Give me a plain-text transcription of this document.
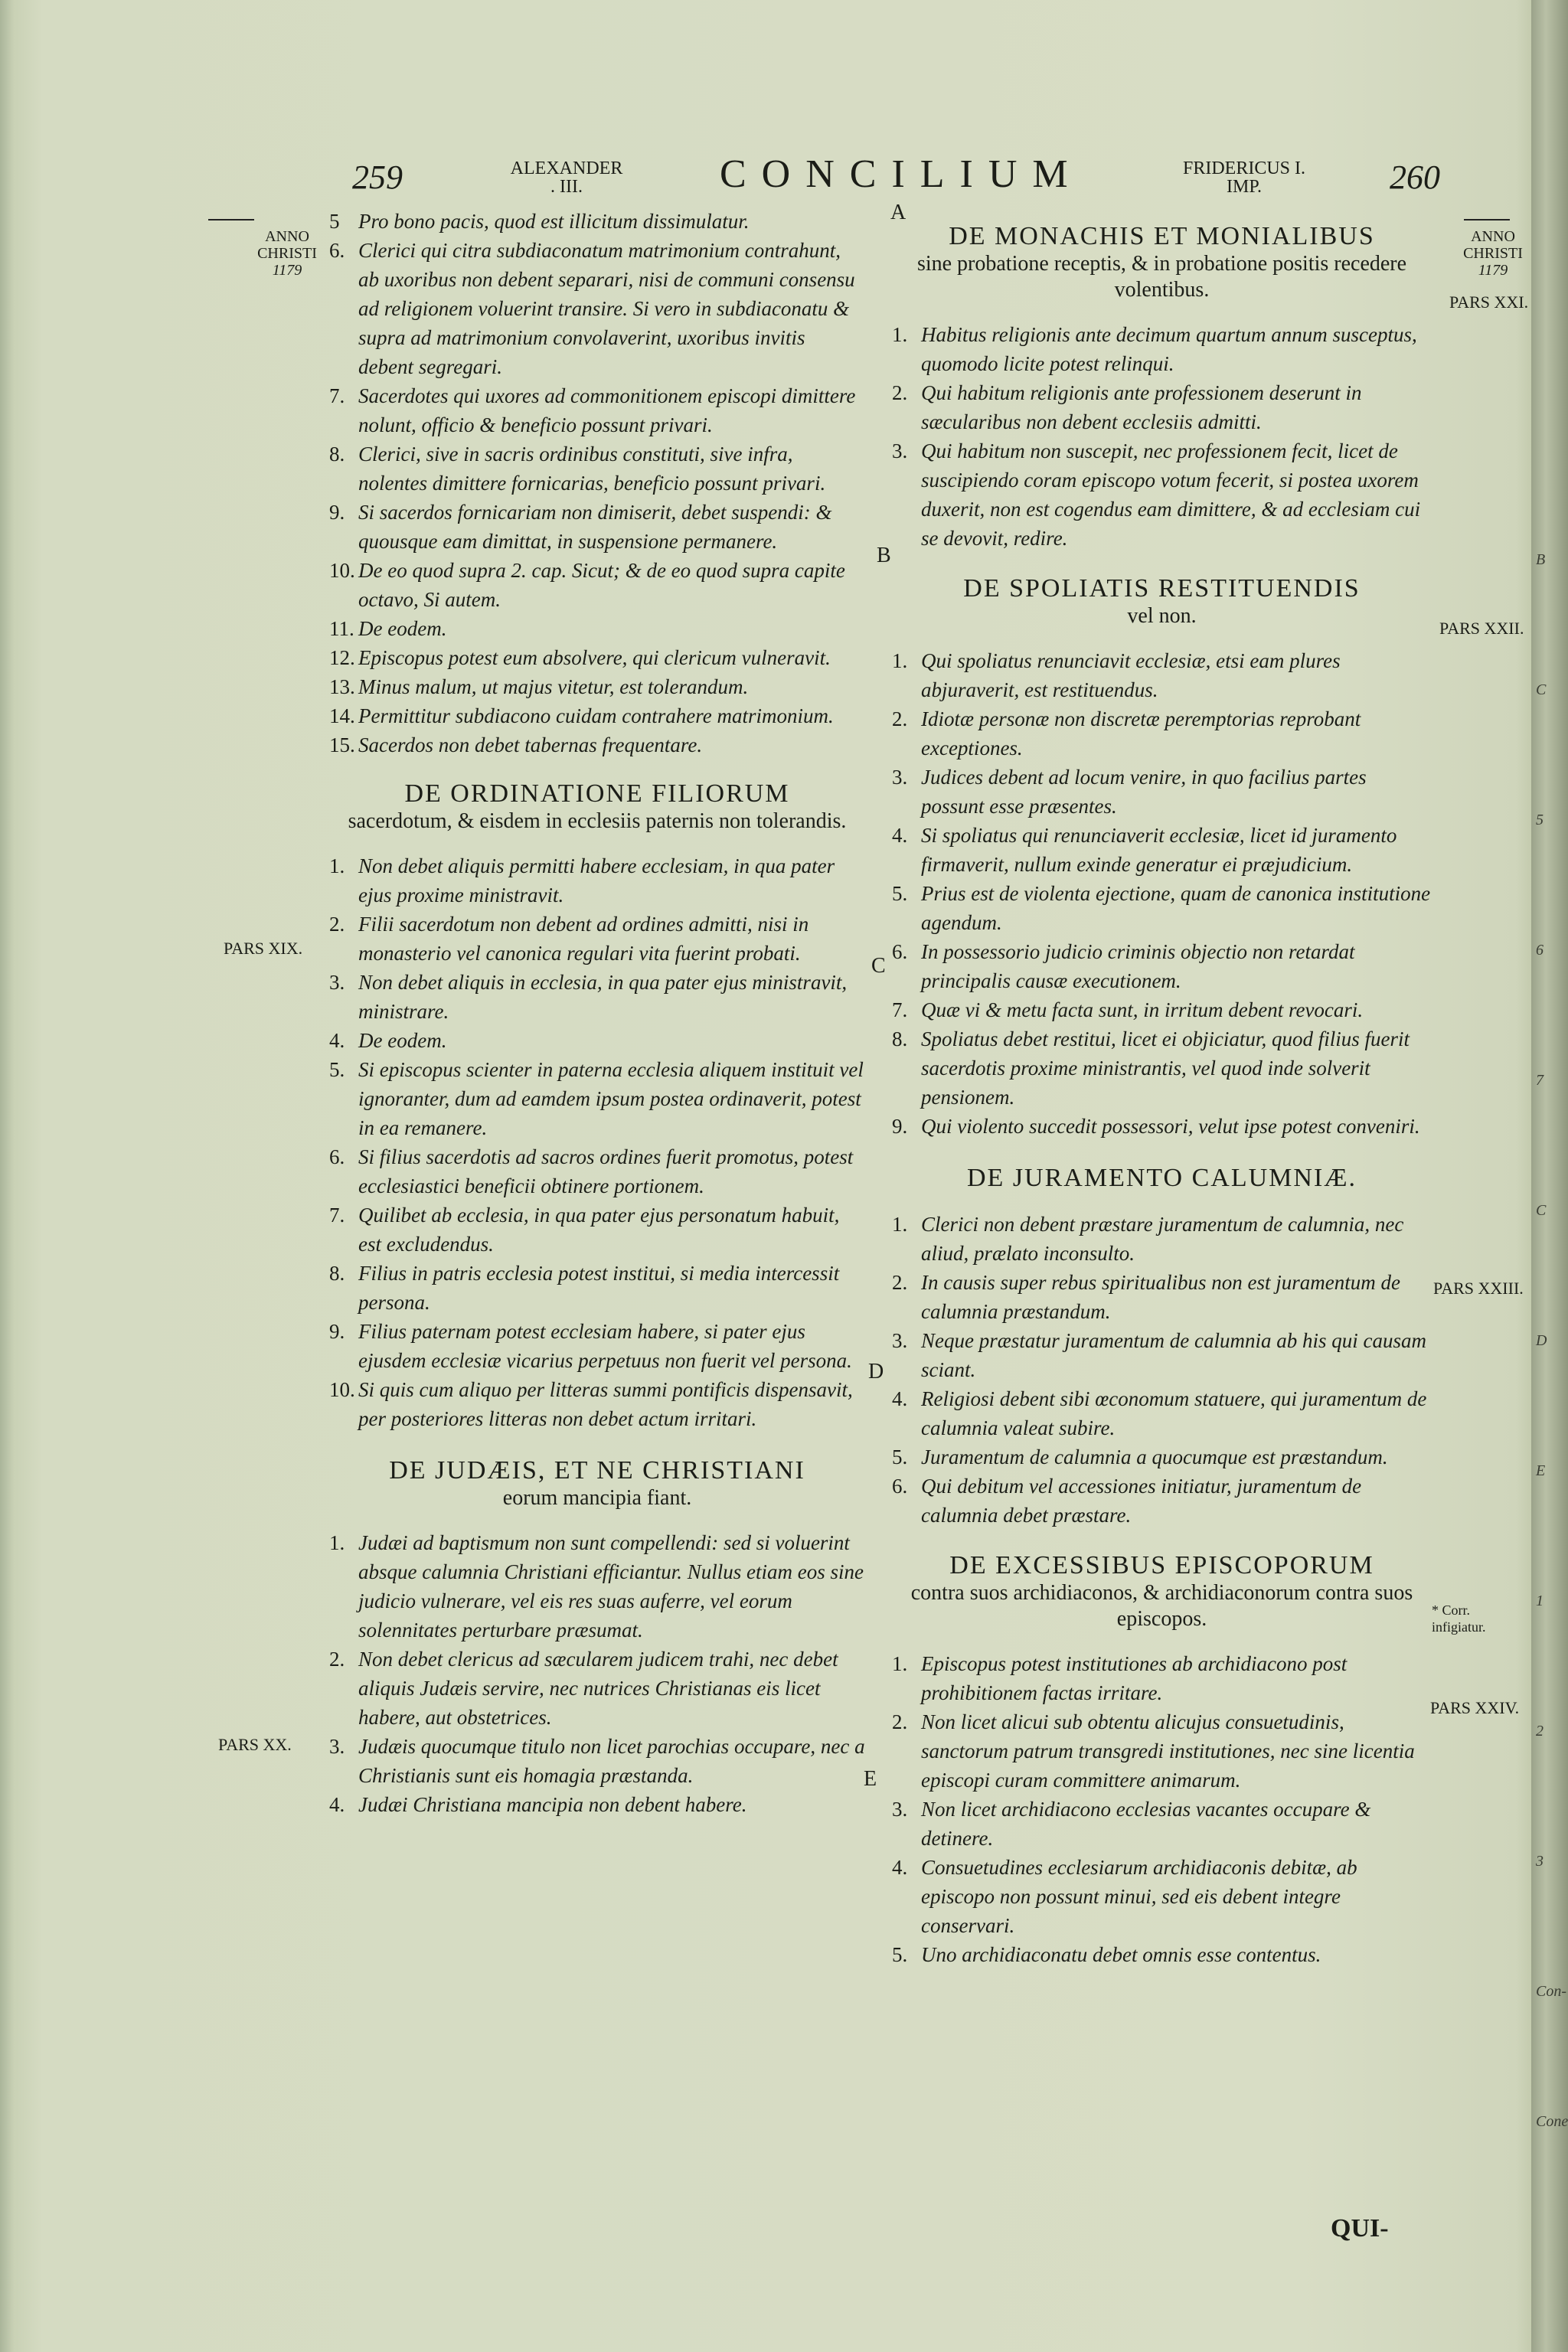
259	ALEXANDER
. III.	CONCILIUM	FRIDERICUS I.
IMP.	260
ANNO
CHRISTI
1179
PARS XIX.
PARS XX.
ANNO
CHRISTI
1179
PARS XXI.
PARS XXII.
PARS XXIII.
PARS XXIV.
* Corr. infigiatur.
A
B
C
D
E

5 Pro bono pacis, quod est illicitum dissimulatur.

6. Clerici qui citra subdiaconatum matrimonium contrahunt, ab uxoribus non debent separari, nisi de communi consensu ad religionem voluerint transire. Si vero in subdiaconatu & supra ad matrimonium convolaverint, uxoribus invitis debent segregari.

7. Sacerdotes qui uxores ad commonitionem episcopi dimittere nolunt, officio & beneficio possunt privari.

8. Clerici, sive in sacris ordinibus constituti, sive infra, nolentes dimittere fornicarias, beneficio possunt privari.

9. Si sacerdos fornicariam non dimiserit, debet suspendi: & quousque eam dimittat, in suspensione permanere.

10. De eo quod supra 2. cap. Sicut; & de eo quod supra capite octavo, Si autem.

11. De eodem.

12. Episcopus potest eum absolvere, qui clericum vulneravit.

13. Minus malum, ut majus vitetur, est tolerandum.

14. Permittitur subdiacono cuidam contrahere matrimonium.

15. Sacerdos non debet tabernas frequentare.

DE ORDINATIONE FILIORUM
sacerdotum, & eisdem in ecclesiis paternis non tolerandis.

1. Non debet aliquis permitti habere ecclesiam, in qua pater ejus proxime ministravit.

2. Filii sacerdotum non debent ad ordines admitti, nisi in monasterio vel canonica regulari vita fuerint probati.

3. Non debet aliquis in ecclesia, in qua pater ejus ministravit, ministrare.

4. De eodem.

5. Si episcopus scienter in paterna ecclesia aliquem instituit vel ignoranter, dum ad eamdem ipsum postea ordinaverit, potest in ea remanere.

6. Si filius sacerdotis ad sacros ordines fuerit promotus, potest ecclesiastici beneficii obtinere portionem.

7. Quilibet ab ecclesia, in qua pater ejus personatum habuit, est excludendus.

8. Filius in patris ecclesia potest institui, si media intercessit persona.

9. Filius paternam potest ecclesiam habere, si pater ejus ejusdem ecclesiæ vicarius perpetuus non fuerit vel persona.

10. Si quis cum aliquo per litteras summi pontificis dispensavit, per posteriores litteras non debet actum irritari.

DE JUDÆIS, ET NE CHRISTIANI
eorum mancipia fiant.

1. Judæi ad baptismum non sunt compellendi: sed si voluerint absque calumnia Christiani efficiantur. Nullus etiam eos sine judicio vulnerare, vel eis res suas auferre, vel eorum solennitates perturbare præsumat.

2. Non debet clericus ad sæcularem judicem trahi, nec debet aliquis Judæis servire, nec nutrices Christianas eis licet habere, aut obstetrices.

3. Judæis quocumque titulo non licet parochias occupare, nec a Christianis sunt eis homagia præstanda.

4. Judæi Christiana mancipia non debent habere.

DE MONACHIS ET MONIALIBUS
sine probatione receptis, & in probatione positis recedere volentibus.

1. Habitus religionis ante decimum quartum annum susceptus, quomodo licite potest relinqui.

2. Qui habitum religionis ante professionem deserunt in sæcularibus non debent ecclesiis admitti.

3. Qui habitum non suscepit, nec professionem fecit, licet de suscipiendo coram episcopo votum fecerit, si postea uxorem duxerit, non est cogendus eam dimittere, & ad ecclesiam cui se devovit, redire.

DE SPOLIATIS RESTITUENDIS
vel non.

1. Qui spoliatus renunciavit ecclesiæ, etsi eam plures abjuraverit, est restituendus.

2. Idiotæ personæ non discretæ peremptorias reprobant exceptiones.

3. Judices debent ad locum venire, in quo facilius partes possunt esse præsentes.

4. Si spoliatus qui renunciaverit ecclesiæ, licet id juramento firmaverit, nullum exinde generatur ei præjudicium.

5. Prius est de violenta ejectione, quam de canonica institutione agendum.

6. In possessorio judicio criminis objectio non retardat principalis causæ executionem.

7. Quæ vi & metu facta sunt, in irritum debent revocari.

8. Spoliatus debet restitui, licet ei objiciatur, quod filius fuerit sacerdotis proxime ministrantis, vel quod inde solverit pensionem.

9. Qui violento succedit possessori, velut ipse potest conveniri.

DE JURAMENTO CALUMNIÆ.

1. Clerici non debent præstare juramentum de calumnia, nec aliud, prælato inconsulto.

2. In causis super rebus spiritualibus non est juramentum de calumnia præstandum.

3. Neque præstatur juramentum de calumnia ab his qui causam sciant.

4. Religiosi debent sibi œconomum statuere, qui juramentum de calumnia valeat subire.

5. Juramentum de calumnia a quocumque est præstandum.

6. Qui debitum vel accessiones initiatur, juramentum de calumnia debet præstare.

DE EXCESSIBUS EPISCOPORUM
contra suos archidiaconos, & archidiaconorum contra suos episcopos.

1. Episcopus potest institutiones ab archidiacono post prohibitionem factas irritare.

2. Non licet alicui sub obtentu alicujus consuetudinis, sanctorum patrum transgredi institutiones, nec sine licentia episcopi curam committere animarum.

3. Non licet archidiacono ecclesias vacantes occupare & detinere.

4. Consuetudines ecclesiarum archidiaconis debitæ, ab episcopo non possunt minui, sed eis debent integre conservari.

5. Uno archidiaconatu debet omnis esse contentus.

QUI-
B
C
5
6
7
C
D
E
1
2
3
Con-
Cone
